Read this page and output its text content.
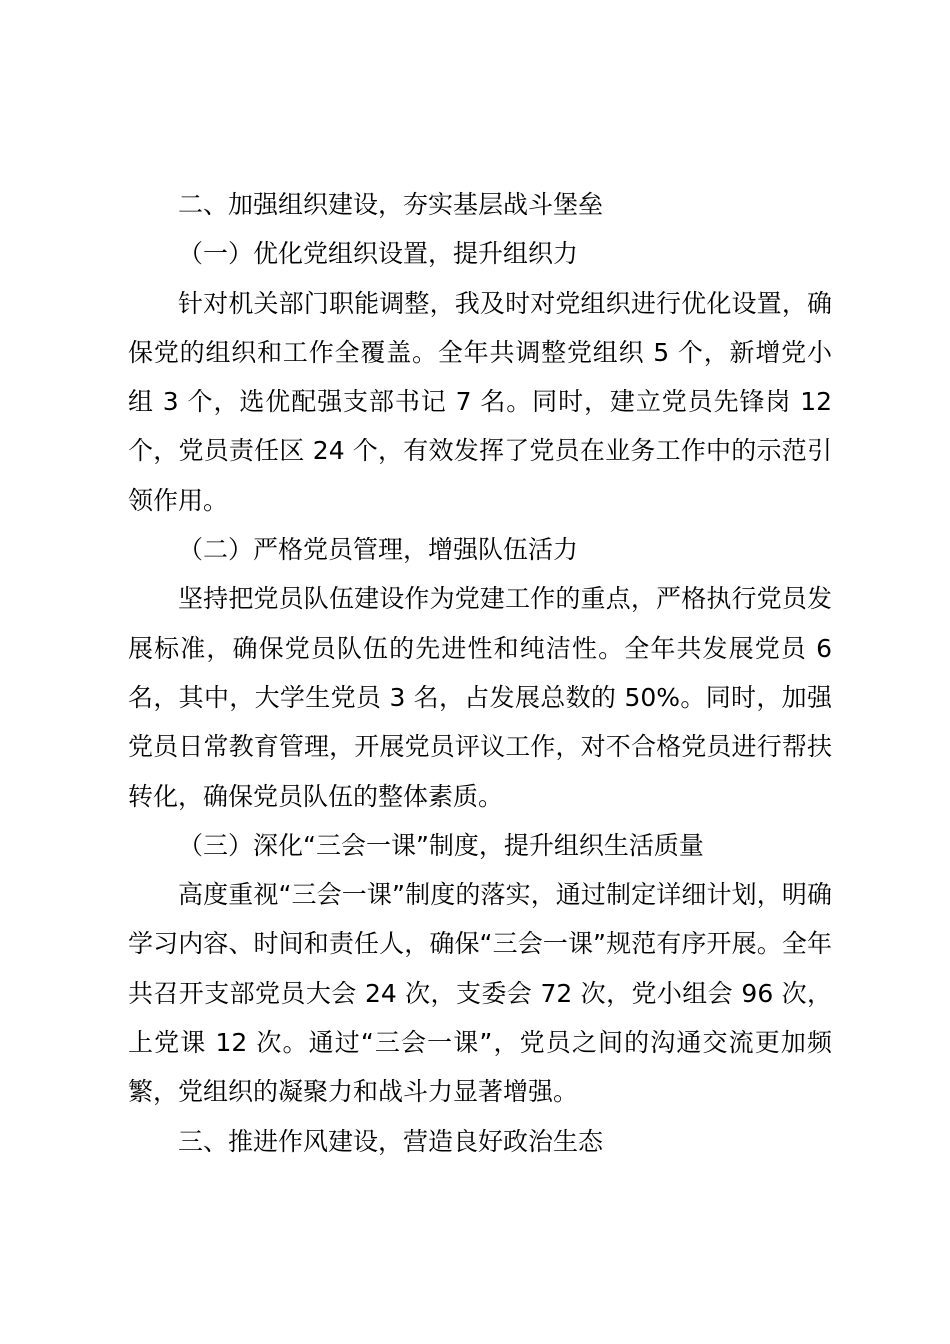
二、加强组织建设，夯实基层战斗堡垒

（一）优化党组织设置，提升组织力

针对机关部门职能调整，我及时对党组织进行优化设置，确保党的组织和工作全覆盖。全年共调整党组织 5 个，新增党小组 3 个，选优配强支部书记 7 名。同时，建立党员先锋岗 12 个，党员责任区 24 个，有效发挥了党员在业务工作中的示范引领作用。

（二）严格党员管理，增强队伍活力

坚持把党员队伍建设作为党建工作的重点，严格执行党员发展标准，确保党员队伍的先进性和纯洁性。全年共发展党员 6 名，其中，大学生党员 3 名，占发展总数的 50%。同时，加强党员日常教育管理，开展党员评议工作，对不合格党员进行帮扶转化，确保党员队伍的整体素质。

（三）深化“三会一课”制度，提升组织生活质量

高度重视“三会一课”制度的落实，通过制定详细计划，明确学习内容、时间和责任人，确保“三会一课”规范有序开展。全年共召开支部党员大会 24 次，支委会 72 次，党小组会 96 次，上党课 12 次。通过“三会一课”，党员之间的沟通交流更加频繁，党组织的凝聚力和战斗力显著增强。

三、推进作风建设，营造良好政治生态
